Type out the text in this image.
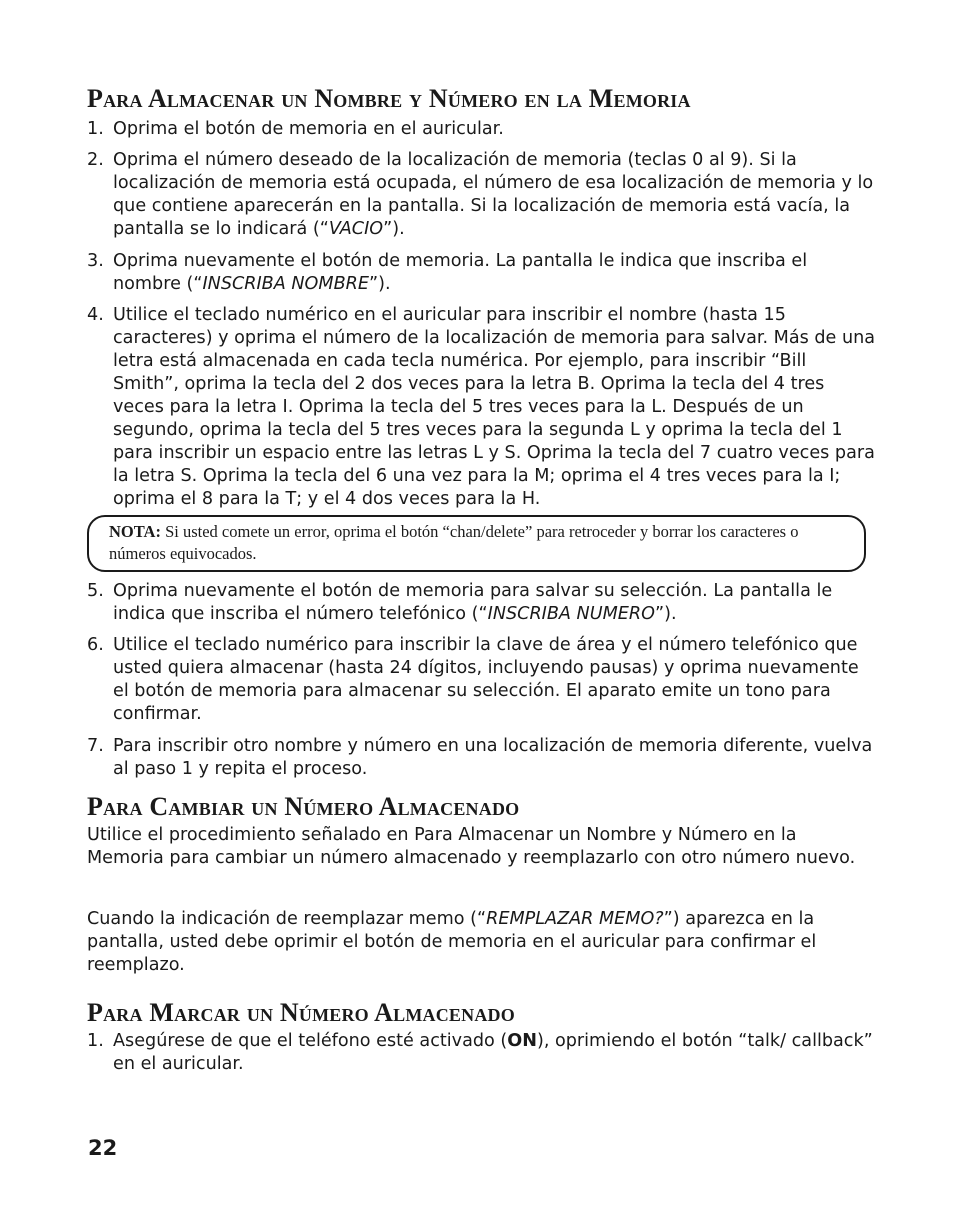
Para Almacenar un Nombre y Número en la Memoria
1. Oprima el botón de memoria en el auricular.
2. Oprima el número deseado de la localización de memoria (teclas 0 al 9). Si la localización de memoria está ocupada, el número de esa localización de memoria y lo que contiene aparecerán en la pantalla. Si la localización de memoria está vacía, la pantalla se lo indicará (“VACIO”).
3. Oprima nuevamente el botón de memoria. La pantalla le indica que inscriba el nombre (“INSCRIBA NOMBRE”).
4. Utilice el teclado numérico en el auricular para inscribir el nombre (hasta 15 caracteres) y oprima el número de la localización de memoria para salvar. Más de una letra está almacenada en cada tecla numérica. Por ejemplo, para inscribir “Bill Smith”, oprima la tecla del 2 dos veces para la letra B. Oprima la tecla del 4 tres veces para la letra I. Oprima la tecla del 5 tres veces para la L. Después de un segundo, oprima la tecla del 5 tres veces para la segunda L y oprima la tecla del 1 para inscribir un espacio entre las letras L y S. Oprima la tecla del 7 cuatro veces para la letra S. Oprima la tecla del 6 una vez para la M; oprima el 4 tres veces para la I; oprima el 8 para la T; y el 4 dos veces para la H.
NOTA: Si usted comete un error, oprima el botón “chan/delete” para retroceder y borrar los caracteres o números equivocados.
5. Oprima nuevamente el botón de memoria para salvar su selección. La pantalla le indica que inscriba el número telefónico (“INSCRIBA NUMERO”).
6. Utilice el teclado numérico para inscribir la clave de área y el número telefónico que usted quiera almacenar (hasta 24 dígitos, incluyendo pausas) y oprima nuevamente el botón de memoria para almacenar su selección. El aparato emite un tono para confirmar.
7. Para inscribir otro nombre y número en una localización de memoria diferente, vuelva al paso 1 y repita el proceso.
Para Cambiar un Número Almacenado

Utilice el procedimiento señalado en Para Almacenar un Nombre y Número en la Memoria para cambiar un número almacenado y reemplazarlo con otro número nuevo.

Cuando la indicación de reemplazar memo (“REMPLAZAR MEMO?”) aparezca en la pantalla, usted debe oprimir el botón de memoria en el auricular para confirmar el reemplazo.

Para Marcar un Número Almacenado
1. Asegúrese de que el teléfono esté activado (ON), oprimiendo el botón “talk/ callback” en el auricular.
22
